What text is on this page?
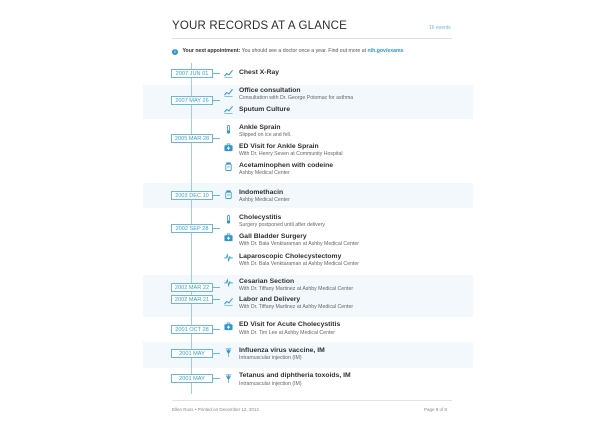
YOUR RECORDS AT A GLANCE	16 events
i Your next appointment: You should see a doctor once a year. Find out more at nih.gov/exams
2007 JUN 01
2007 MAY 26
2005 MAR 28
2003 DEC 10
2002 SEP 28
2002 MAR 22
2002 MAR 21
2001 OCT 28
2001 MAY
2001 MAY
Chest X-Ray
Office consultation
Consultation with Dr. George Potomac for asthma
Sputum Culture
Ankle Sprain
Slipped on ice and fell.
ED Visit for Ankle Sprain
With Dr. Henry Seven at Community Hospital
Acetaminophen with codeine
Ashby Medical Center
Indomethacin
Ashby Medical Center
Cholecystitis
Surgery postponed until after delivery
Gall Bladder Surgery
With Dr. Bala Venktaraman at Ashby Medical Center
Laparoscopic Cholecystectomy
With Dr. Bala Venktaraman at Ashby Medical Center
Cesarian Section
With Dr. Tiffany Martinez at Ashby Medical Center
Labor and Delivery
With Dr. Tiffany Martinez at Ashby Medical Center
ED Visit for Acute Cholecystitis
With Dr. Tim Lee at Ashby Medical Center
Influenza virus vaccine, IM
Intramuscular injection (IM)
Tetanus and diphtheria toxoids, IM
Intramuscular injection (IM)
Ellen Ross • Printed on December 13, 2012	Page 8 of 8
